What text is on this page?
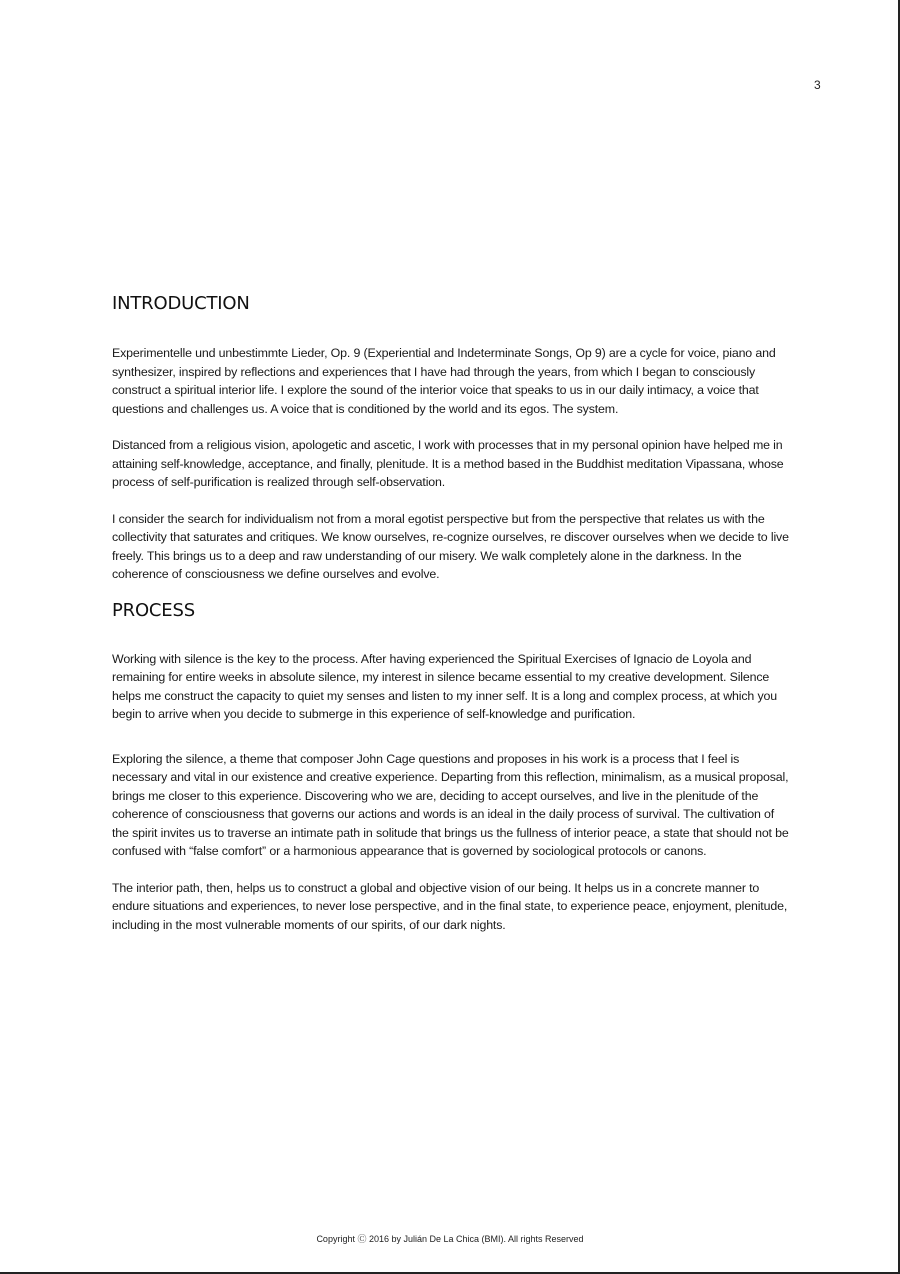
3
INTRODUCTION

Experimentelle und unbestimmte Lieder, Op. 9 (Experiential and Indeterminate Songs, Op 9) are a cycle for voice, piano and synthesizer, inspired by reflections and experiences that I have had through the years, from which I began to consciously construct a spiritual interior life. I explore the sound of the interior voice that speaks to us in our daily intimacy, a voice that questions and challenges us. A voice that is conditioned by the world and its egos. The system.

Distanced from a religious vision, apologetic and ascetic, I work with processes that in my personal opinion have helped me in attaining self-knowledge, acceptance, and finally, plenitude. It is a method based in the Buddhist meditation Vipassana, whose process of self-purification is realized through self-observation.

I consider the search for individualism not from a moral egotist perspective but from the perspective that relates us with the collectivity that saturates and critiques. We know ourselves, re-cognize ourselves, re discover ourselves when we decide to live freely. This brings us to a deep and raw understanding of our misery. We walk completely alone in the darkness. In the coherence of consciousness we define ourselves and evolve.

PROCESS

Working with silence is the key to the process. After having experienced the Spiritual Exercises of Ignacio de Loyola and remaining for entire weeks in absolute silence, my interest in silence became essential to my creative development. Silence helps me construct the capacity to quiet my senses and listen to my inner self. It is a long and complex process, at which you begin to arrive when you decide to submerge in this experience of self-knowledge and purification.

Exploring the silence, a theme that composer John Cage questions and proposes in his work is a process that I feel is necessary and vital in our existence and creative experience. Departing from this reflection, minimalism, as a musical proposal, brings me closer to this experience. Discovering who we are, deciding to accept ourselves, and live in the plenitude of the coherence of consciousness that governs our actions and words is an ideal in the daily process of survival. The cultivation of the spirit invites us to traverse an intimate path in solitude that brings us the fullness of interior peace, a state that should not be confused with “false comfort” or a harmonious appearance that is governed by sociological protocols or canons.

The interior path, then, helps us to construct a global and objective vision of our being. It helps us in a concrete manner to endure situations and experiences, to never lose perspective, and in the final state, to experience peace, enjoyment, plenitude, including in the most vulnerable moments of our spirits, of our dark nights.

Copyright Ⓒ 2016 by Julián De La Chica (BMI). All rights Reserved
